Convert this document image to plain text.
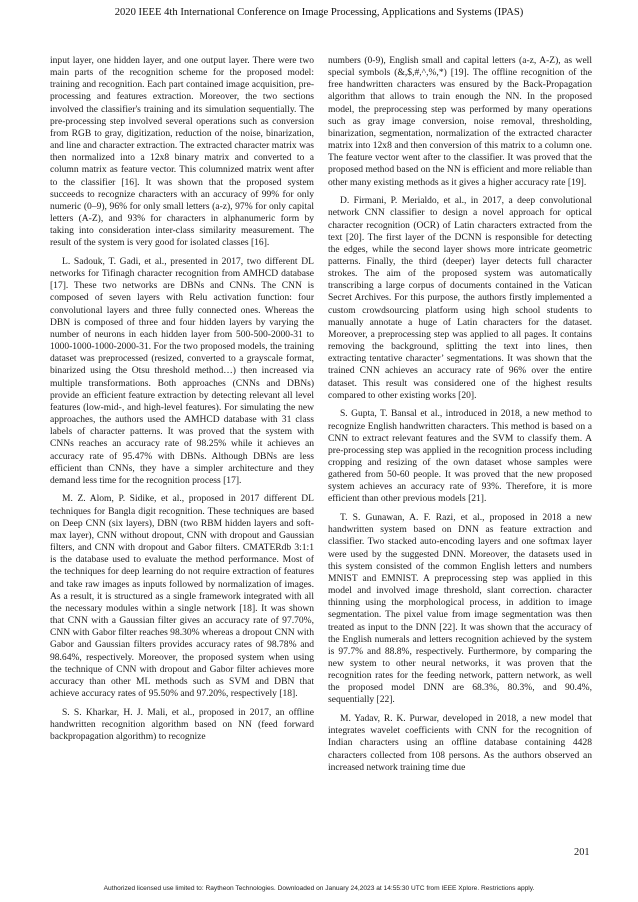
2020 IEEE 4th International Conference on Image Processing, Applications and Systems (IPAS)

input layer, one hidden layer, and one output layer. There were two main parts of the recognition scheme for the proposed model: training and recognition. Each part contained image acquisition, pre-processing and features extraction. Moreover, the two sections involved the classifier's training and its simulation sequentially. The pre-processing step involved several operations such as conversion from RGB to gray, digitization, reduction of the noise, binarization, and line and character extraction. The extracted character matrix was then normalized into a 12x8 binary matrix and converted to a column matrix as feature vector. This columnized matrix went after to the classifier [16]. It was shown that the proposed system succeeds to recognize characters with an accuracy of 99% for only numeric (0–9), 96% for only small letters (a-z), 97% for only capital letters (A-Z), and 93% for characters in alphanumeric form by taking into consideration inter-class similarity measurement. The result of the system is very good for isolated classes [16].

L. Sadouk, T. Gadi, et al., presented in 2017, two different DL networks for Tifinagh character recognition from AMHCD database [17]. These two networks are DBNs and CNNs. The CNN is composed of seven layers with Relu activation function: four convolutional layers and three fully connected ones. Whereas the DBN is composed of three and four hidden layers by varying the number of neurons in each hidden layer from 500-500-2000-31 to 1000-1000-1000-2000-31. For the two proposed models, the training dataset was preprocessed (resized, converted to a grayscale format, binarized using the Otsu threshold method…) then increased via multiple transformations. Both approaches (CNNs and DBNs) provide an efficient feature extraction by detecting relevant all level features (low-mid-, and high-level features). For simulating the new approaches, the authors used the AMHCD database with 31 class labels of character patterns. It was proved that the system with CNNs reaches an accuracy rate of 98.25% while it achieves an accuracy rate of 95.47% with DBNs. Although DBNs are less efficient than CNNs, they have a simpler architecture and they demand less time for the recognition process [17].

M. Z. Alom, P. Sidike, et al., proposed in 2017 different DL techniques for Bangla digit recognition. These techniques are based on Deep CNN (six layers), DBN (two RBM hidden layers and soft-max layer), CNN without dropout, CNN with dropout and Gaussian filters, and CNN with dropout and Gabor filters. CMATERdb 3:1:1 is the database used to evaluate the method performance. Most of the techniques for deep learning do not require extraction of features and take raw images as inputs followed by normalization of images. As a result, it is structured as a single framework integrated with all the necessary modules within a single network [18]. It was shown that CNN with a Gaussian filter gives an accuracy rate of 97.70%, CNN with Gabor filter reaches 98.30% whereas a dropout CNN with Gabor and Gaussian filters provides accuracy rates of 98.78% and 98.64%, respectively. Moreover, the proposed system when using the technique of CNN with dropout and Gabor filter achieves more accuracy than other ML methods such as SVM and DBN that achieve accuracy rates of 95.50% and 97.20%, respectively [18].

S. S. Kharkar, H. J. Mali, et al., proposed in 2017, an offline handwritten recognition algorithm based on NN (feed forward backpropagation algorithm) to recognize

numbers (0-9), English small and capital letters (a-z, A-Z), as well special symbols (&,$,#,^,%,*) [19]. The offline recognition of the free handwritten characters was ensured by the Back-Propagation algorithm that allows to train enough the NN. In the proposed model, the preprocessing step was performed by many operations such as gray image conversion, noise removal, thresholding, binarization, segmentation, normalization of the extracted character matrix into 12x8 and then conversion of this matrix to a column one. The feature vector went after to the classifier. It was proved that the proposed method based on the NN is efficient and more reliable than other many existing methods as it gives a higher accuracy rate [19].

D. Firmani, P. Merialdo, et al., in 2017, a deep convolutional network CNN classifier to design a novel approach for optical character recognition (OCR) of Latin characters extracted from the text [20]. The first layer of the DCNN is responsible for detecting the edges, while the second layer shows more intricate geometric patterns. Finally, the third (deeper) layer detects full character strokes. The aim of the proposed system was automatically transcribing a large corpus of documents contained in the Vatican Secret Archives. For this purpose, the authors firstly implemented a custom crowdsourcing platform using high school students to manually annotate a huge of Latin characters for the dataset. Moreover, a preprocessing step was applied to all pages. It contains removing the background, splitting the text into lines, then extracting tentative character’ segmentations. It was shown that the trained CNN achieves an accuracy rate of 96% over the entire dataset. This result was considered one of the highest results compared to other existing works [20].

S. Gupta, T. Bansal et al., introduced in 2018, a new method to recognize English handwritten characters. This method is based on a CNN to extract relevant features and the SVM to classify them. A pre-processing step was applied in the recognition process including cropping and resizing of the own dataset whose samples were gathered from 50-60 people. It was proved that the new proposed system achieves an accuracy rate of 93%. Therefore, it is more efficient than other previous models [21].

T. S. Gunawan, A. F. Razi, et al., proposed in 2018 a new handwritten system based on DNN as feature extraction and classifier. Two stacked auto-encoding layers and one softmax layer were used by the suggested DNN. Moreover, the datasets used in this system consisted of the common English letters and numbers MNIST and EMNIST. A preprocessing step was applied in this model and involved image threshold, slant correction. character thinning using the morphological process, in addition to image segmentation. The pixel value from image segmentation was then treated as input to the DNN [22]. It was shown that the accuracy of the English numerals and letters recognition achieved by the system is 97.7% and 88.8%, respectively. Furthermore, by comparing the new system to other neural networks, it was proven that the recognition rates for the feeding network, pattern network, as well the proposed model DNN are 68.3%, 80.3%, and 90.4%, sequentially [22].

M. Yadav, R. K. Purwar, developed in 2018, a new model that integrates wavelet coefficients with CNN for the recognition of Indian characters using an offline database containing 4428 characters collected from 108 persons. As the authors observed an increased network training time due

201
Authorized licensed use limited to: Raytheon Technologies. Downloaded on January 24,2023 at 14:55:30 UTC from IEEE Xplore. Restrictions apply.
